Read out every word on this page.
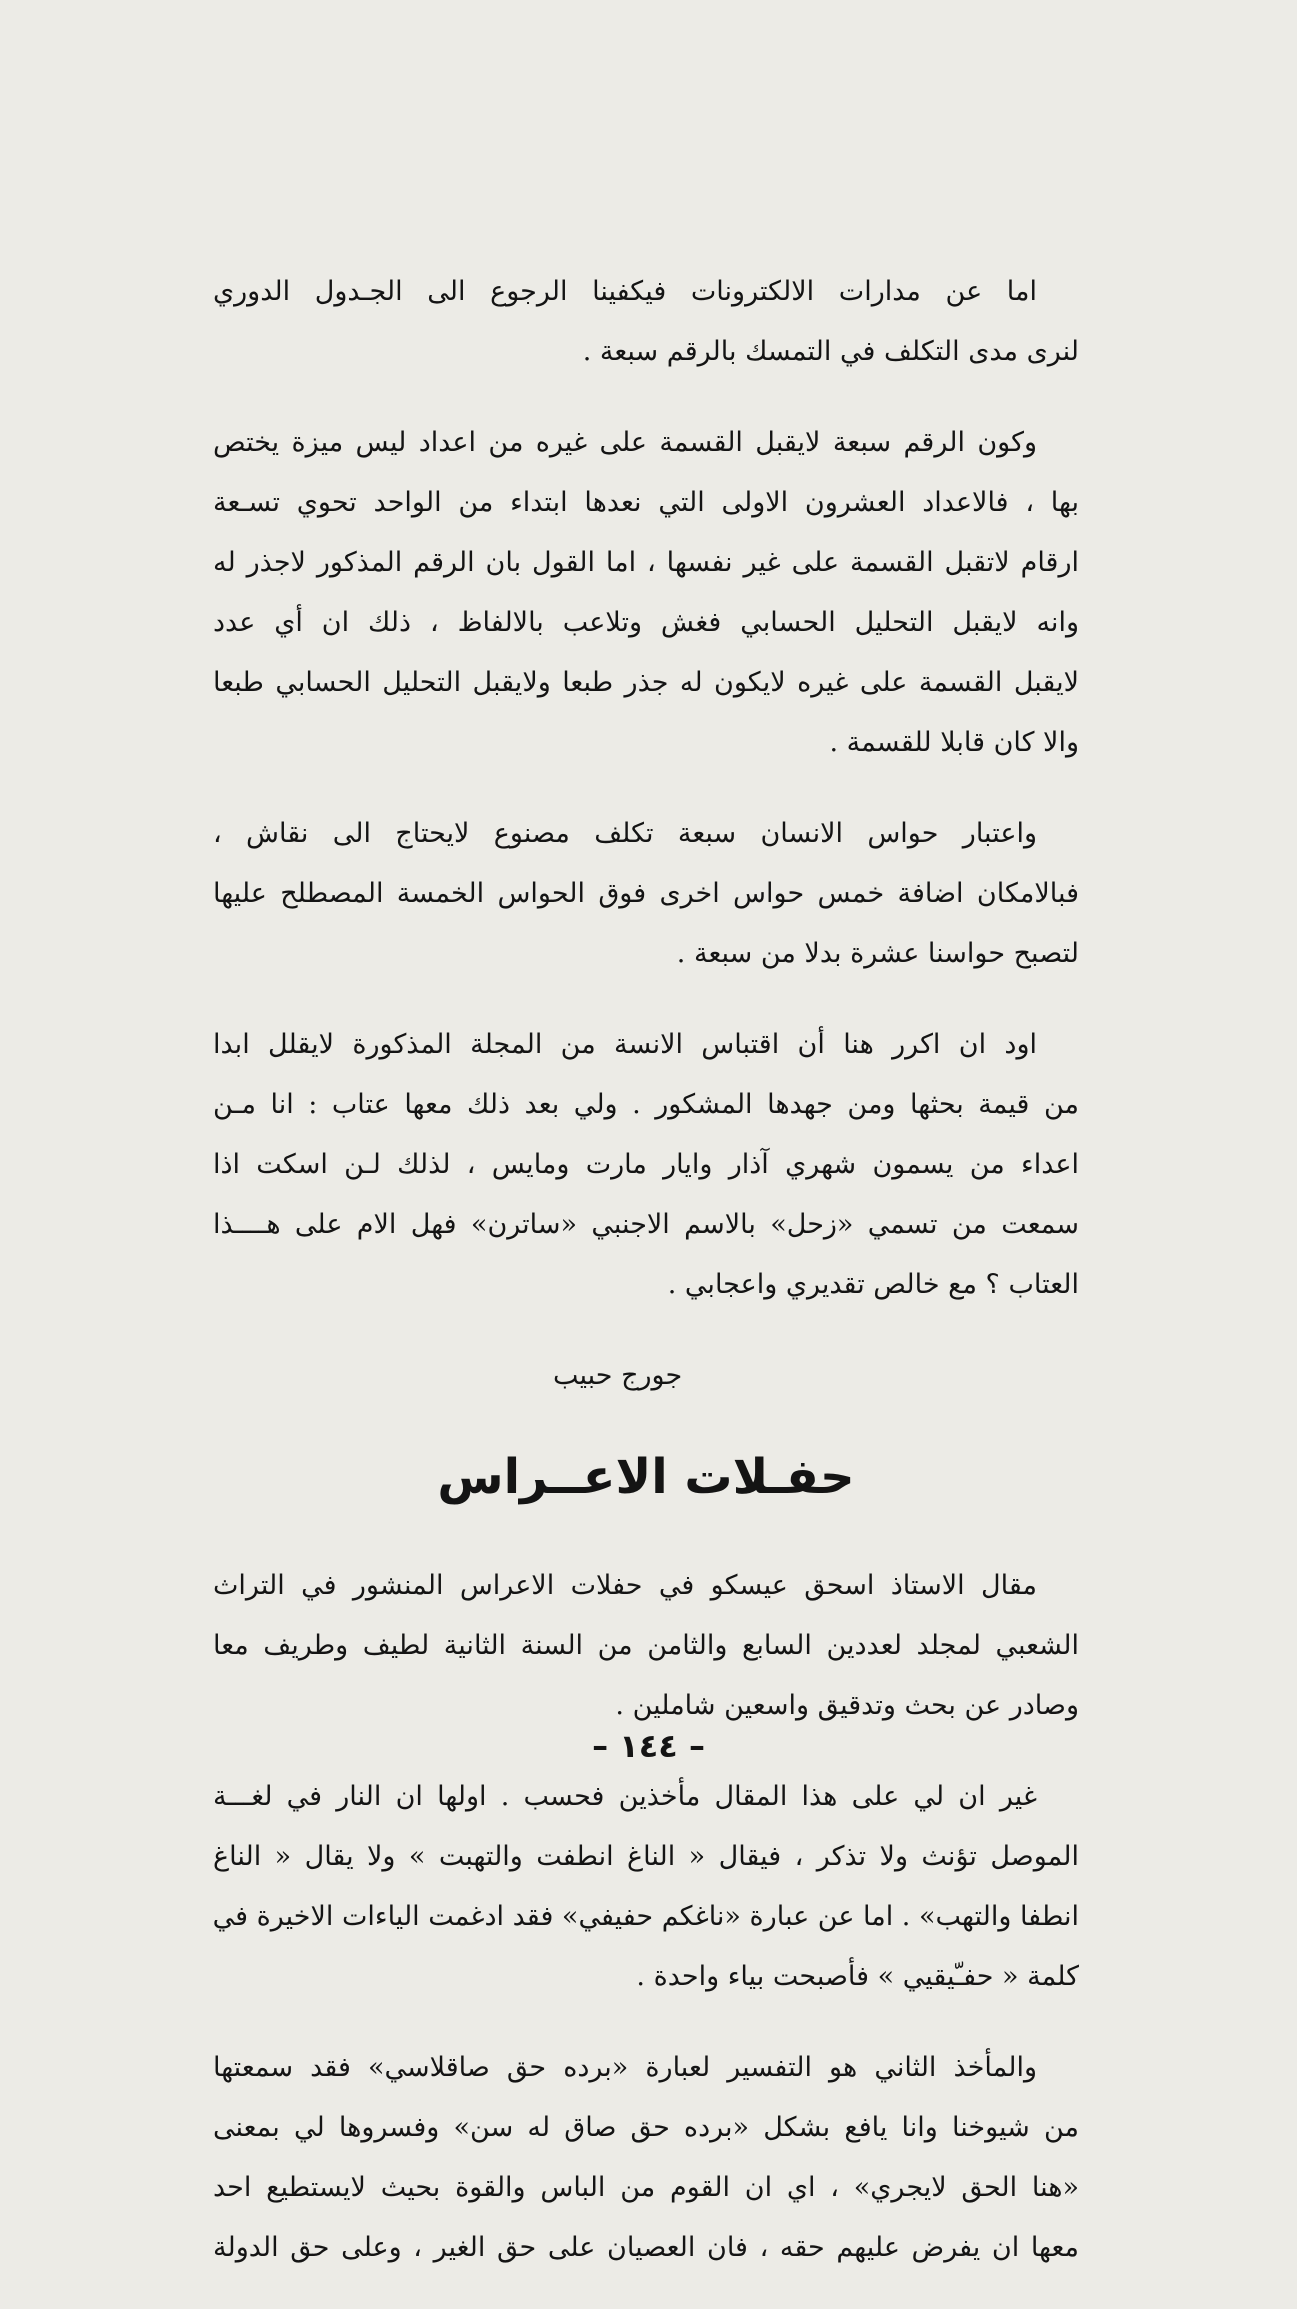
اما عن مدارات الالكترونات فيكفينا الرجوع الى الجـدول الدوري
لنرى مدى التكلف في التمسك بالرقم سبعة .

وكون الرقم سبعة لايقبل القسمة على غيره من اعداد ليس ميزة يختص
بها ، فالاعداد العشرون الاولى التي نعدها ابتداء من الواحد تحوي تسـعة
ارقام لاتقبل القسمة على غير نفسها ، اما القول بان الرقم المذكور لاجذر له
وانه لايقبل التحليل الحسابي فغش وتلاعب بالالفاظ ، ذلك ان أي عدد
لايقبل القسمة على غيره لايكون له جذر طبعا ولايقبل التحليل الحسابي طبعا
والا كان قابلا للقسمة .

واعتبار حواس الانسان سبعة تكلف مصنوع لايحتاج الى نقاش ،
فبالامكان اضافة خمس حواس اخرى فوق الحواس الخمسة المصطلح عليها
لتصبح حواسنا عشرة بدلا من سبعة .

اود ان اكرر هنا أن اقتباس الانسة من المجلة المذكورة لايقلل ابدا
من قيمة بحثها ومن جهدها المشكور . ولي بعد ذلك معها عتاب : انا مـن
اعداء من يسمون شهري آذار وايار مارت ومايس ، لذلك لـن اسكت اذا
سمعت من تسمي «زحل» بالاسم الاجنبي «ساترن» فهل الام على هــــذا
العتاب ؟ مع خالص تقديري واعجابي .

جورج حبيب
حفـلات الاعــراس

مقال الاستاذ اسحق عيسكو في حفلات الاعراس المنشور في التراث
الشعبي لمجلد لعددين السابع والثامن من السنة الثانية لطيف وطريف معا
وصادر عن بحث وتدقيق واسعين شاملين .

غير ان لي على هذا المقال مأخذين فحسب . اولها ان النار في لغـــة
الموصل تؤنث ولا تذكر ، فيقال « الناغ انطفت والتهبت » ولا يقال « الناغ
انطفا والتهب» . اما عن عبارة «ناغكم حفيفي» فقد ادغمت الياءات الاخيرة في
كلمة « حفـّيقيي » فأصبحت بياء واحدة .

والمأخذ الثاني هو التفسير لعبارة «برده حق صاقلاسي» فقد سمعتها
من شيوخنا وانا يافع بشكل «برده حق صاق له سن» وفسروها لي بمعنى
«هنا الحق لايجري» ، اي ان القوم من الباس والقوة بحيث لايستطيع احد
معها ان يفرض عليهم حقه ، فان العصيان على حق الغير ، وعلى حق الدولة

– ١٤٤ –
